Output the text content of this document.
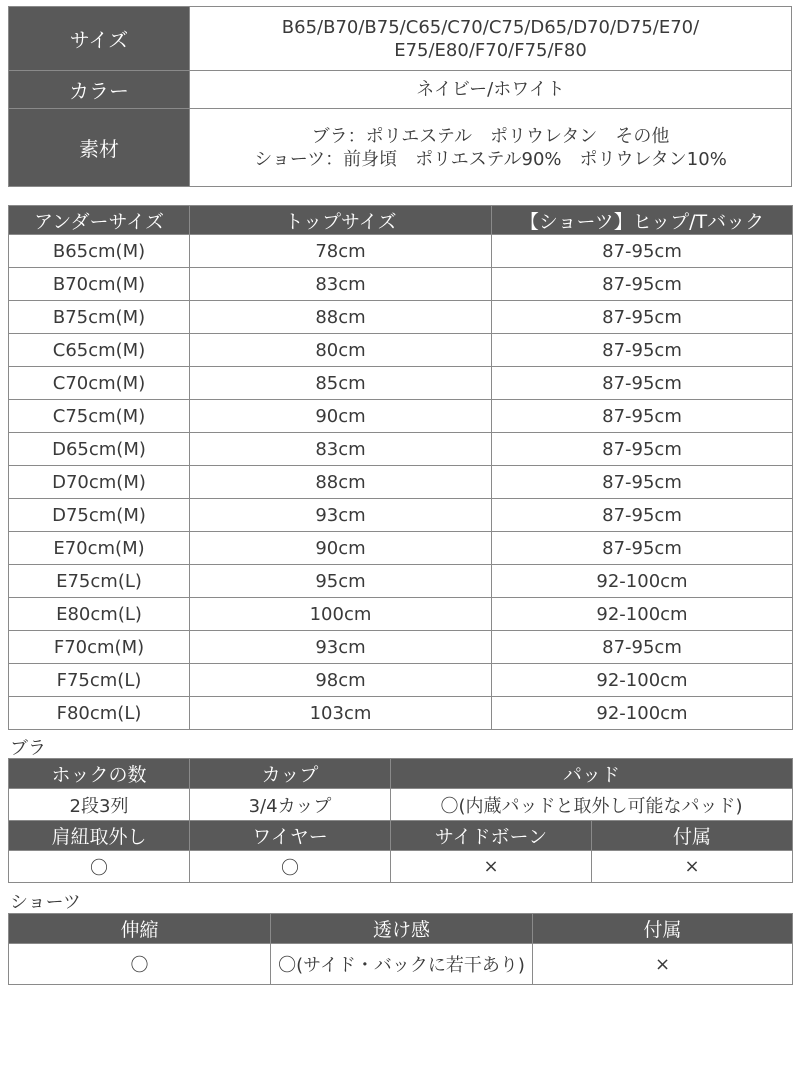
サイズ	B65/B70/B75/C65/C70/C75/D65/D70/D75/E70/
E75/E80/F70/F75/F80

カラー	ネイビー/ホワイト
素材	ブラ：ポリエステル　ポリウレタン　その他
ショーツ：前身頃　ポリエステル90%　ポリウレタン10%
アンダーサイズ	トップサイズ	【ショーツ】ヒップ/Tバック
B65cm(M)	78cm	87-95cm
B70cm(M)	83cm	87-95cm
B75cm(M)	88cm	87-95cm
C65cm(M)	80cm	87-95cm
C70cm(M)	85cm	87-95cm
C75cm(M)	90cm	87-95cm
D65cm(M)	83cm	87-95cm
D70cm(M)	88cm	87-95cm
D75cm(M)	93cm	87-95cm
E70cm(M)	90cm	87-95cm
E75cm(L)	95cm	92-100cm
E80cm(L)	100cm	92-100cm
F70cm(M)	93cm	87-95cm
F75cm(L)	98cm	92-100cm
F80cm(L)	103cm	92-100cm
ブラ
ホックの数	カップ	パッド
2段3列	3/4カップ	〇(内蔵パッドと取外し可能なパッド)
肩紐取外し	ワイヤー	サイドボーン	付属
〇	〇	×	×
ショーツ
伸縮	透け感	付属
〇	〇(サイド・バックに若干あり)	×
